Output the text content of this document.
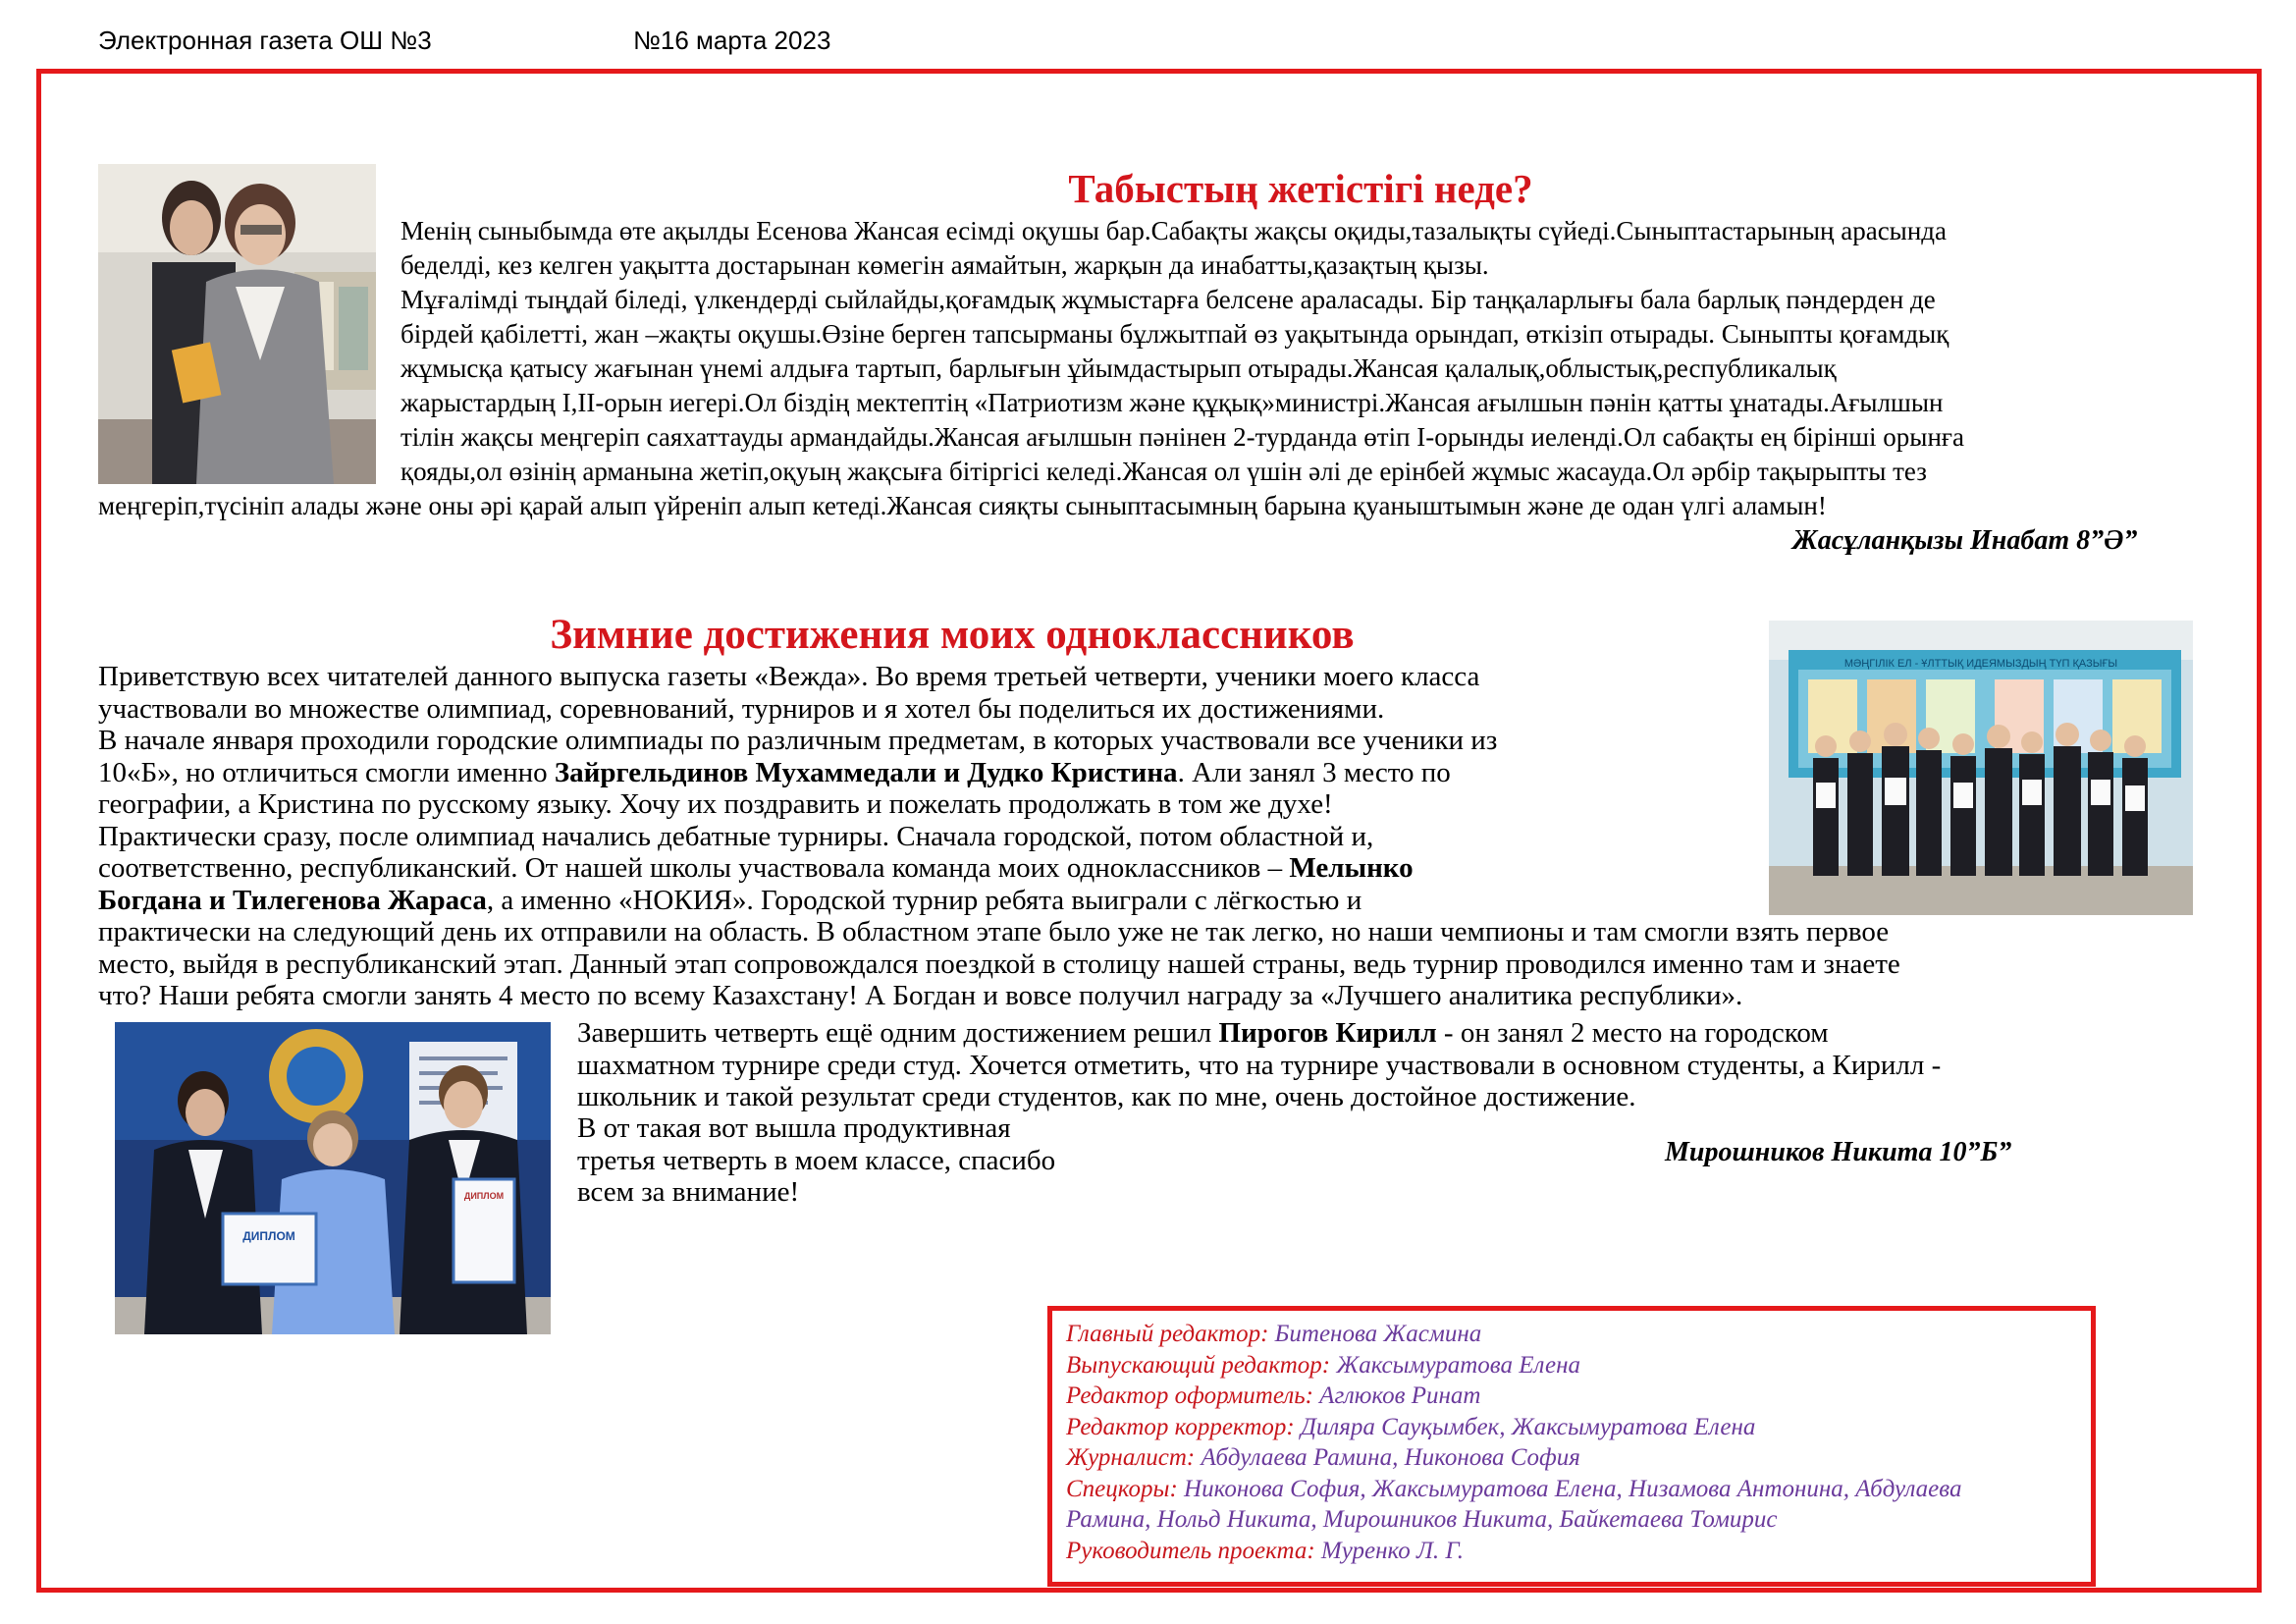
Электронная газета ОШ №3	№16 марта 2023
Табыстың жетістігі неде?

Менің сыныбымда өте ақылды Есенова Жансая есімді оқушы бар.Сабақты жақсы оқиды,тазалықты сүйеді.Сыныптастарының арасында

беделді, кез келген уақытта достарынан көмегін аямайтын, жарқын да инабатты,қазақтың қызы.

Мұғалімді тыңдай біледі, үлкендерді сыйлайды,қоғамдық жұмыстарға белсене араласады. Бір таңқаларлығы бала барлық пәндерден де

бірдей қабілетті, жан –жақты оқушы.Өзіне берген тапсырманы бұлжытпай өз уақытында орындап, өткізіп отырады. Сыныпты қоғамдық

жұмысқа қатысу жағынан үнемі алдыға тартып, барлығын ұйымдастырып отырады.Жансая қалалық,облыстық,республикалық

жарыстардың I,II-орын иегері.Ол біздің мектептің «Патриотизм және құқық»министрі.Жансая ағылшын пәнін қатты ұнатады.Ағылшын

тілін жақсы меңгеріп саяхаттауды армандайды.Жансая ағылшын пәнінен 2-турданда өтіп I-орынды иеленді.Ол сабақты ең бірінші орынға

қояды,ол өзінің арманына жетіп,оқуың жақсыға бітіргісі келеді.Жансая ол үшін әлі де ерінбей жұмыс жасауда.Ол әрбір тақырыпты тез

меңгеріп,түсініп алады және оны әрі қарай алып үйреніп алып кетеді.Жансая сияқты сыныптасымның барына қуаныштымын және де одан үлгі аламын!
Жасұланқызы Инабат 8”Ә”
Зимние достижения моих одноклассников
МӘҢГІЛІК ЕЛ - ҰЛТТЫҚ ИДЕЯМЫЗДЫҢ ТҮП ҚАЗЫҒЫ

Приветствую всех читателей данного выпуска газеты «Вежда». Во время третьей четверти, ученики моего класса

участвовали во множестве олимпиад, соревнований, турниров и я хотел бы поделиться их достижениями.

В начале января проходили городские олимпиады по различным предметам, в которых участвовали все ученики из

10«Б», но отличиться смогли именно Зайргельдинов Мухаммедали и Дудко Кристина. Али занял 3 место по

географии, а Кристина по русскому языку. Хочу их поздравить и пожелать продолжать в том же духе!

Практически сразу, после олимпиад начались дебатные турниры. Сначала городской, потом областной и,

соответственно, республиканский. От нашей школы участвовала команда моих одноклассников – Мелынко

Богдана и Тилегенова Жараса, а именно «НОКИЯ». Городской турнир ребята выиграли с лёгкостью и

практически на следующий день их отправили на область. В областном этапе было уже не так легко, но наши чемпионы и там смогли взять первое

место, выйдя в республиканский этап. Данный этап сопровождался поездкой в столицу нашей страны, ведь турнир проводился именно там и знаете

что? Наши ребята смогли занять 4 место по всему Казахстану! А Богдан и вовсе получил награду за «Лучшего аналитика республики».

ДИПЛОМ
ДИПЛОМ

Завершить четверть ещё одним достижением решил Пирогов Кирилл - он занял 2 место на городском

шахматном турнире среди студ. Хочется отметить, что на турнире участвовали в основном студенты, а Кирилл -

школьник и такой результат среди студентов, как по мне, очень достойное достижение.

В от такая вот вышла продуктивная

третья четверть в моем классе, спасибо

всем за внимание!

Мирошников Никита 10”Б”
Главный редактор: Битенова Жасмина
Выпускающий редактор: Жаксымуратова Елена
Редактор оформитель: Аглюков Ринат
Редактор корректор: Диляра Сауқымбек, Жаксымуратова Елена
Журналист: Абдулаева Рамина, Никонова София
Спецкоры: Никонова София, Жаксымуратова Елена, Низамова Антонина, Абдулаева
Рамина, Нольд Никита, Мирошников Никита, Байкетаева Томирис
Руководитель проекта: Муренко Л. Г.
